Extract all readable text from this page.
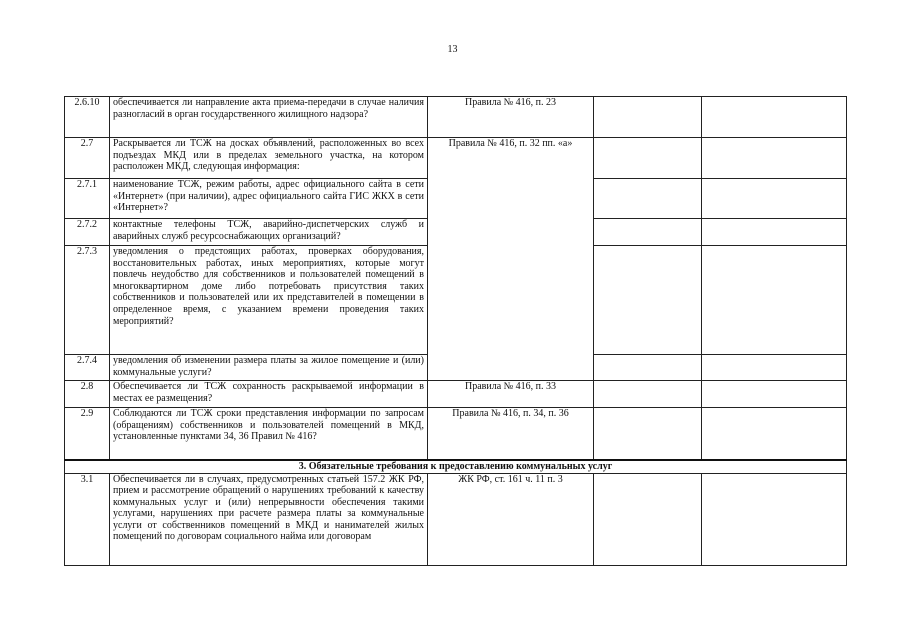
13
2.6.10	обеспечивается ли направление акта приема-передачи в случае наличия разногласий в орган государственного жилищного надзора?	Правила № 416, п. 23		
2.7	Раскрывается ли ТСЖ на досках объявлений, расположенных во всех подъездах МКД или в пределах земельного участка, на котором расположен МКД, следующая информация:	Правила № 416, п. 32 пп. «а»		
2.7.1	наименование ТСЖ, режим работы, адрес официального сайта в сети «Интернет» (при наличии), адрес официального сайта ГИС ЖКХ в сети «Интернет»?			
2.7.2	контактные телефоны ТСЖ, аварийно-диспетчерских служб и аварийных служб ресурсоснабжающих организаций?			
2.7.3	уведомления о предстоящих работах, проверках оборудования, восстановительных работах, иных мероприятиях, которые могут повлечь неудобство для собственников и пользователей помещений в многоквартирном доме либо потребовать присутствия таких собственников и пользователей или их представителей в помещении в определенное время, с указанием времени проведения таких мероприятий?			
2.7.4	уведомления об изменении размера платы за жилое помещение и (или) коммунальные услуги?			
2.8	Обеспечивается ли ТСЖ сохранность раскрываемой информации в местах ее размещения?	Правила № 416, п. 33		
2.9	Соблюдаются ли ТСЖ сроки представления информации по запросам (обращениям) собственников и пользователей помещений в МКД, установленные пунктами 34, 36 Правил № 416?	Правила № 416, п. 34, п. 36		
3. Обязательные требования к предоставлению коммунальных услуг				
3.1	Обеспечивается ли в случаях, предусмотренных статьей 157.2 ЖК РФ, прием и рассмотрение обращений о нарушениях требований к качеству коммунальных услуг и (или) непрерывности обеспечения такими услугами, нарушениях при расчете размера платы за коммунальные услуги от собственников помещений в МКД и нанимателей жилых помещений по договорам социального найма или договорам	ЖК РФ, ст. 161 ч. 11 п. 3		
